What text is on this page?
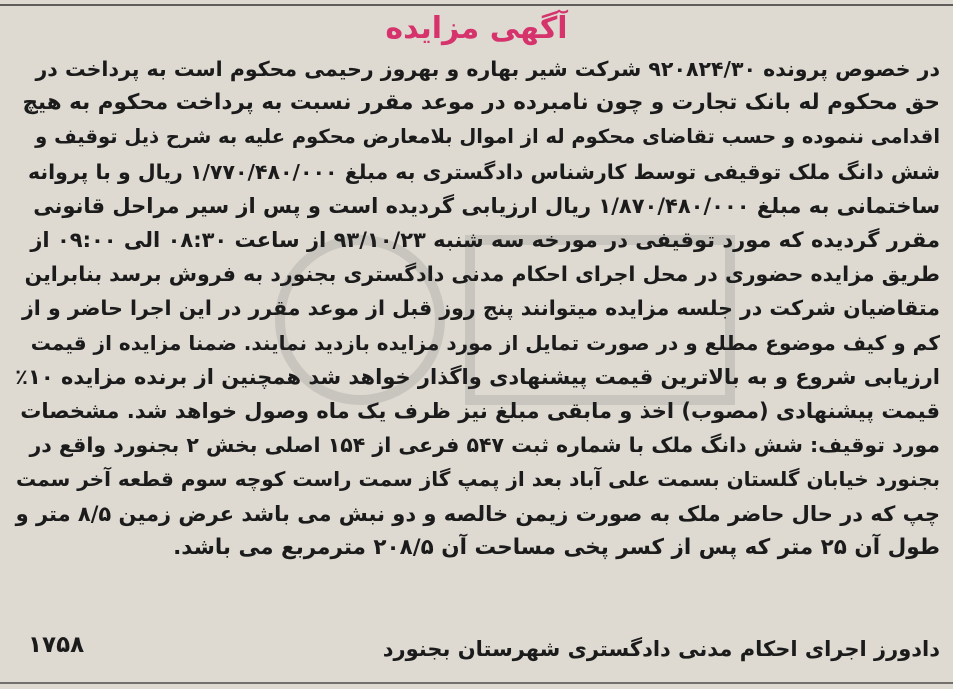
آگهی مزایده
در خصوص پرونده ۹۲۰۸۲۴/۳۰ شرکت شیر بهاره و بهروز رحیمی محکوم است به پرداخت در
حق محکوم له بانک تجارت و چون نامبرده در موعد مقرر نسبت به پرداخت محکوم به هیچ
اقدامی ننموده و حسب تقاضای محکوم له از اموال بلامعارض محکوم علیه به شرح ذیل توقیف و
شش دانگ ملک توقیفی توسط کارشناس دادگستری به مبلغ ۱/۷۷۰/۴۸۰/۰۰۰ ریال و با پروانه
ساختمانی به مبلغ ۱/۸۷۰/۴۸۰/۰۰۰ ریال ارزیابی گردیده است و پس از سیر مراحل قانونی
مقرر گردیده که مورد توقیفی در مورخه سه شنبه ۹۳/۱۰/۲۳ از ساعت ۰۸:۳۰ الی ۰۹:۰۰ از
طریق مزایده حضوری در محل اجرای احکام مدنی دادگستری بجنورد به فروش برسد بنابراین
متقاضیان شرکت در جلسه مزایده میتوانند پنج روز قبل از موعد مقرر در این اجرا حاضر و از
کم و کیف موضوع مطلع و در صورت تمایل از مورد مزایده بازدید نمایند. ضمنا مزایده از قیمت
ارزیابی شروع و به بالاترین قیمت پیشنهادی واگذار خواهد شد همچنین از برنده مزایده ۱۰٪
قیمت پیشنهادی (مصوب) اخذ و مابقی مبلغ نیز ظرف یک ماه وصول خواهد شد. مشخصات
مورد توقیف: شش دانگ ملک با شماره ثبت ۵۴۷ فرعی از ۱۵۴ اصلی بخش ۲ بجنورد واقع در
بجنورد خیابان گلستان بسمت علی آباد بعد از پمپ گاز سمت راست کوچه سوم قطعه آخر سمت
چپ که در حال حاضر ملک به صورت زیمن خالصه و دو نبش می باشد عرض زمین ۸/۵ متر و
طول آن ۲۵ متر که پس از کسر پخی مساحت آن ۲۰۸/۵ مترمربع می باشد.
دادورز اجرای احکام مدنی دادگستری شهرستان بجنورد
۱۷۵۸
